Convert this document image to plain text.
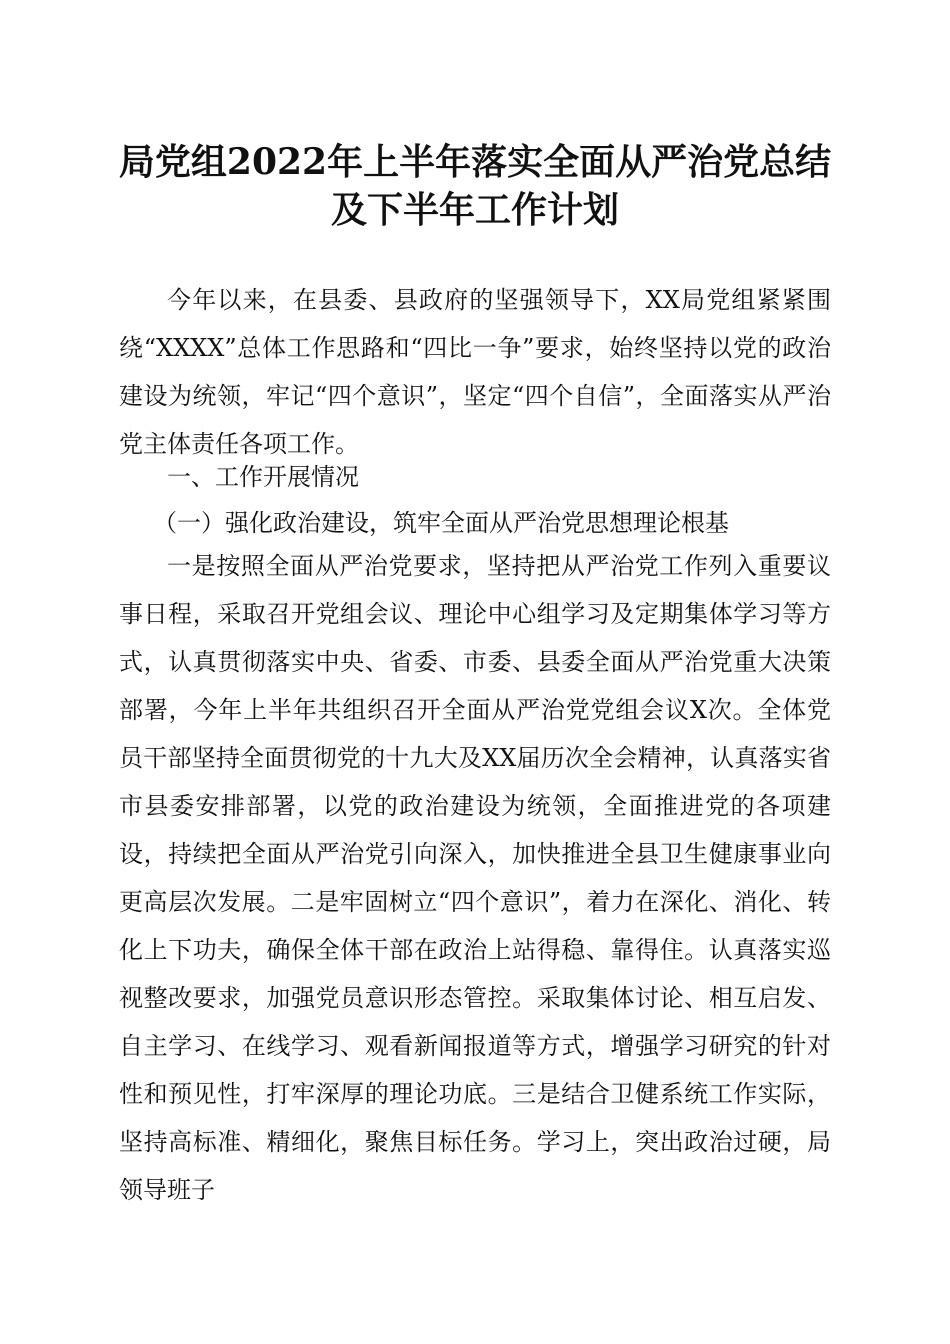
局党组2022年上半年落实全面从严治党总结
及下半年工作计划

今年以来，在县委、县政府的坚强领导下，XX局党组紧紧围绕“XXXX”总体工作思路和“四比一争”要求，始终坚持以党的政治建设为统领，牢记“四个意识”，坚定“四个自信”，全面落实从严治党主体责任各项工作。

一、工作开展情况

（一）强化政治建设，筑牢全面从严治党思想理论根基

一是按照全面从严治党要求，坚持把从严治党工作列入重要议事日程，采取召开党组会议、理论中心组学习及定期集体学习等方式，认真贯彻落实中央、省委、市委、县委全面从严治党重大决策部署，今年上半年共组织召开全面从严治党党组会议X次。全体党员干部坚持全面贯彻党的十九大及XX届历次全会精神，认真落实省市县委安排部署，以党的政治建设为统领，全面推进党的各项建设，持续把全面从严治党引向深入，加快推进全县卫生健康事业向更高层次发展。二是牢固树立“四个意识”，着力在深化、消化、转化上下功夫，确保全体干部在政治上站得稳、靠得住。认真落实巡视整改要求，加强党员意识形态管控。采取集体讨论、相互启发、自主学习、在线学习、观看新闻报道等方式，增强学习研究的针对性和预见性，打牢深厚的理论功底。三是结合卫健系统工作实际，坚持高标准、精细化，聚焦目标任务。学习上，突出政治过硬，局领导班子
